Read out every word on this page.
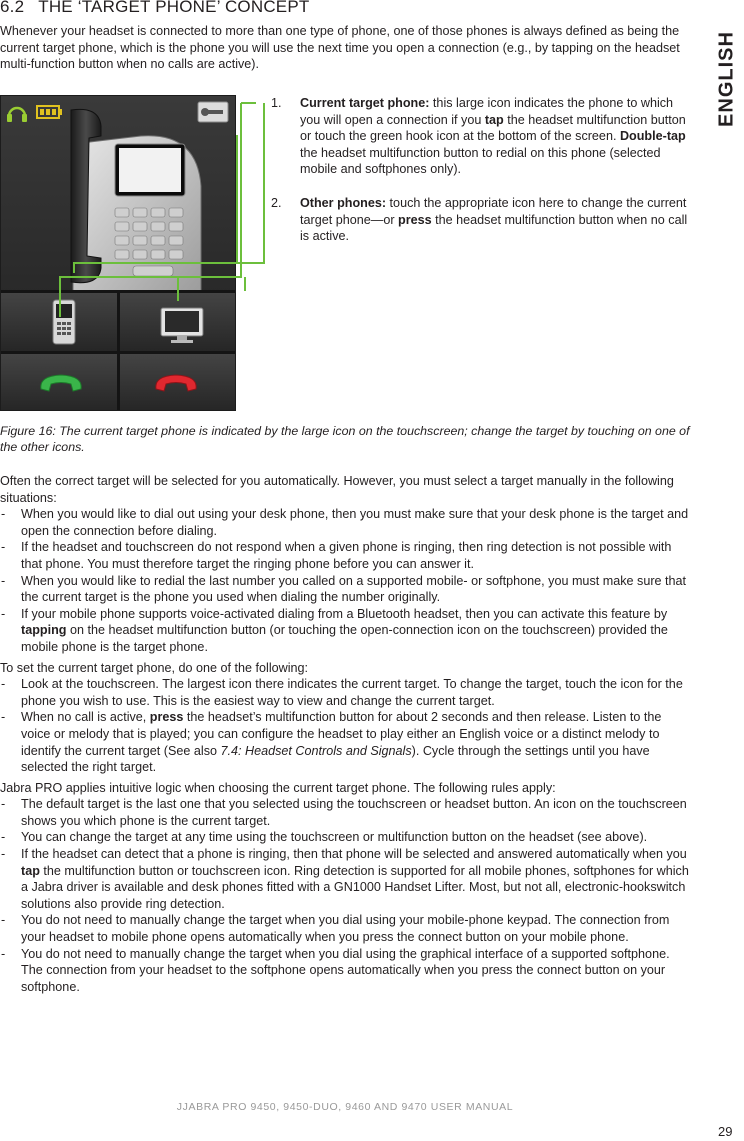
6.2 THE ‘TARGET PHONE’ CONCEPT
ENGLISH
Whenever your headset is connected to more than one type of phone, one of those phones is always defined as being the current target phone, which is the phone you will use the next time you open a connection (e.g., by tapping on the headset multi-function button when no calls are active).
1. Current target phone: this large icon indicates the phone to which you will open a connection if you tap the headset multifunction button or touch the green hook icon at the bottom of the screen. Double-tap the headset multifunction button to redial on this phone (selected mobile and softphones only).
2. Other phones: touch the appropriate icon here to change the current target phone—or press the headset multifunction button when no call is active.
Figure 16: The current target phone is indicated by the large icon on the touchscreen; change the target by touching on one of the other icons.
Often the correct target will be selected for you automatically. However, you must select a target manually in the following situations:
- When you would like to dial out using your desk phone, then you must make sure that your desk phone is the target and open the connection before dialing.
- If the headset and touchscreen do not respond when a given phone is ringing, then ring detection is not possible with that phone. You must therefore target the ringing phone before you can answer it.
- When you would like to redial the last number you called on a supported mobile- or softphone, you must make sure that the current target is the phone you used when dialing the number originally.
- If your mobile phone supports voice-activated dialing from a Bluetooth headset, then you can activate this feature by tapping on the headset multifunction button (or touching the open-connection icon on the touchscreen) provided the mobile phone is the target phone.
To set the current target phone, do one of the following:
- Look at the touchscreen. The largest icon there indicates the current target. To change the target, touch the icon for the phone you wish to use. This is the easiest way to view and change the current target.
- When no call is active, press the headset’s multifunction button for about 2 seconds and then release. Listen to the voice or melody that is played; you can configure the headset to play either an English voice or a distinct melody to identify the current target (See also 7.4: Headset Controls and Signals). Cycle through the settings until you have selected the right target.
Jabra PRO applies intuitive logic when choosing the current target phone. The following rules apply:
- The default target is the last one that you selected using the touchscreen or headset button. An icon on the touchscreen shows you which phone is the current target.
- You can change the target at any time using the touchscreen or multifunction button on the headset (see above).
- If the headset can detect that a phone is ringing, then that phone will be selected and answered automatically when you tap the multifunction button or touchscreen icon. Ring detection is supported for all mobile phones, softphones for which a Jabra driver is available and desk phones fitted with a GN1000 Handset Lifter. Most, but not all, electronic-hookswitch solutions also provide ring detection.
- You do not need to manually change the target when you dial using your mobile-phone keypad. The connection from your headset to mobile phone opens automatically when you press the connect button on your mobile phone.
- You do not need to manually change the target when you dial using the graphical interface of a supported softphone. The connection from your headset to the softphone opens automatically when you press the connect button on your softphone.
JJABRA PRO 9450, 9450-DUO, 9460 AND 9470 USER MANUAL
29
